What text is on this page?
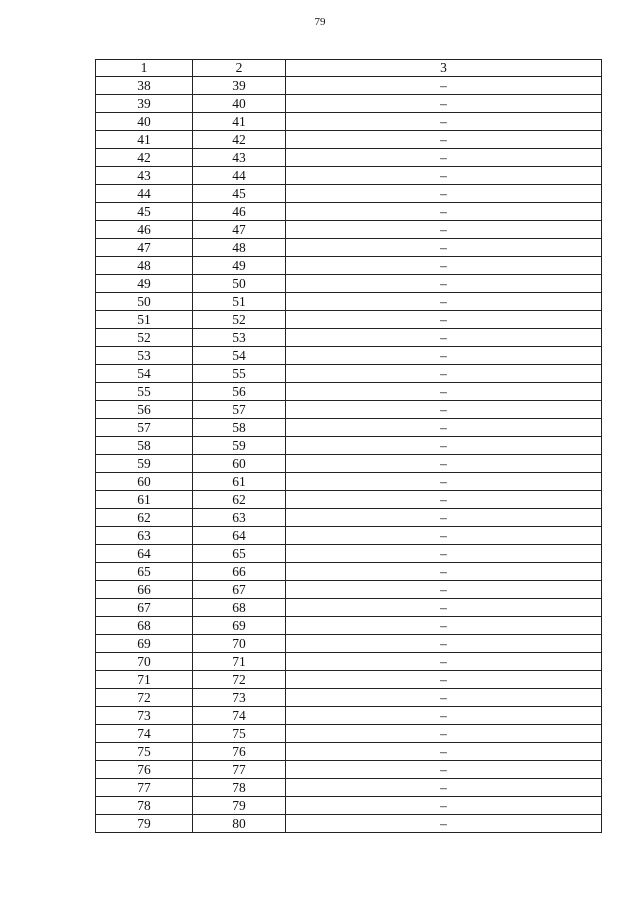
79
1	2	3
38	39	–
39	40	–
40	41	–
41	42	–
42	43	–
43	44	–
44	45	–
45	46	–
46	47	–
47	48	–
48	49	–
49	50	–
50	51	–
51	52	–
52	53	–
53	54	–
54	55	–
55	56	–
56	57	–
57	58	–
58	59	–
59	60	–
60	61	–
61	62	–
62	63	–
63	64	–
64	65	–
65	66	–
66	67	–
67	68	–
68	69	–
69	70	–
70	71	–
71	72	–
72	73	–
73	74	–
74	75	–
75	76	–
76	77	–
77	78	–
78	79	–
79	80	–
